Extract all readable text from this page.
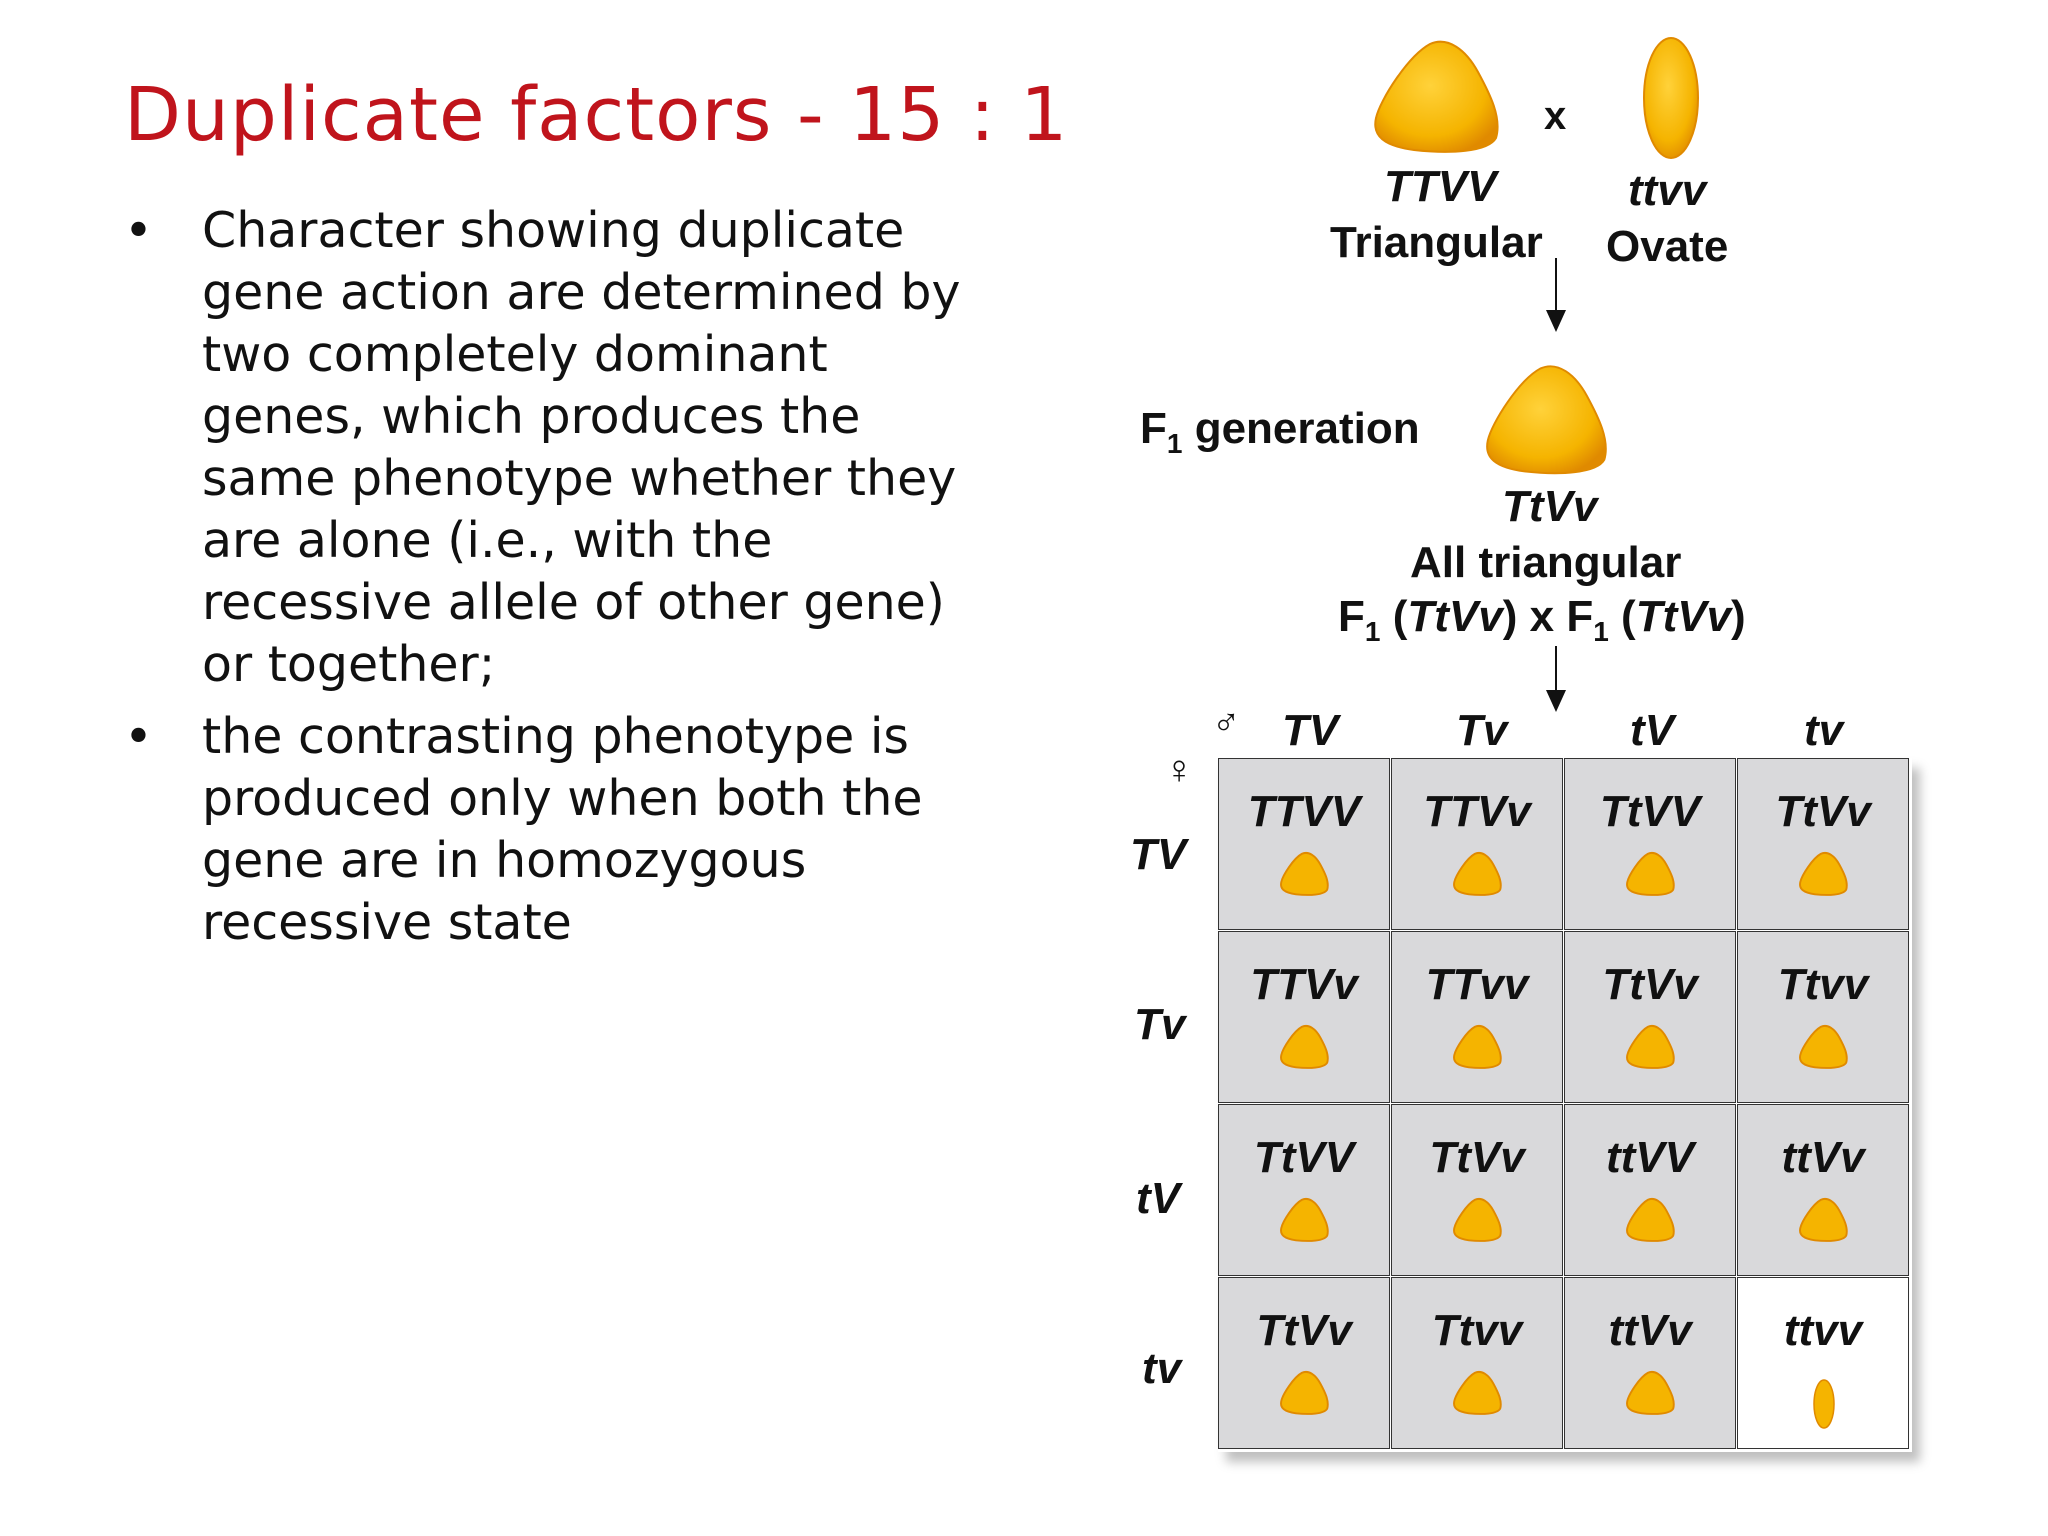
Duplicate factors - 15 : 1
• Character showing duplicate gene action are determined by two completely dominant genes, which produces the same phenotype whether they are alone (i.e., with the recessive allele of other gene) or together;
• the contrasting phenotype is produced only when both the gene are in homozygous recessive state
x
TTVV	ttvv
Triangular Ovate
$F_1$ generation
TtVv
All triangular
$F_1$ (TtVv) x $F_1$ (TtVv)
♂
♀
TV	Tv	tV	tv
TV
Tv
tV
tv
TTVV	TTVv	TtVV	TtVv
TTVv	TTvv	TtVv	Ttvv
TtVV	TtVv	ttVV	ttVv
TtVv	Ttvv	ttVv	ttvv
